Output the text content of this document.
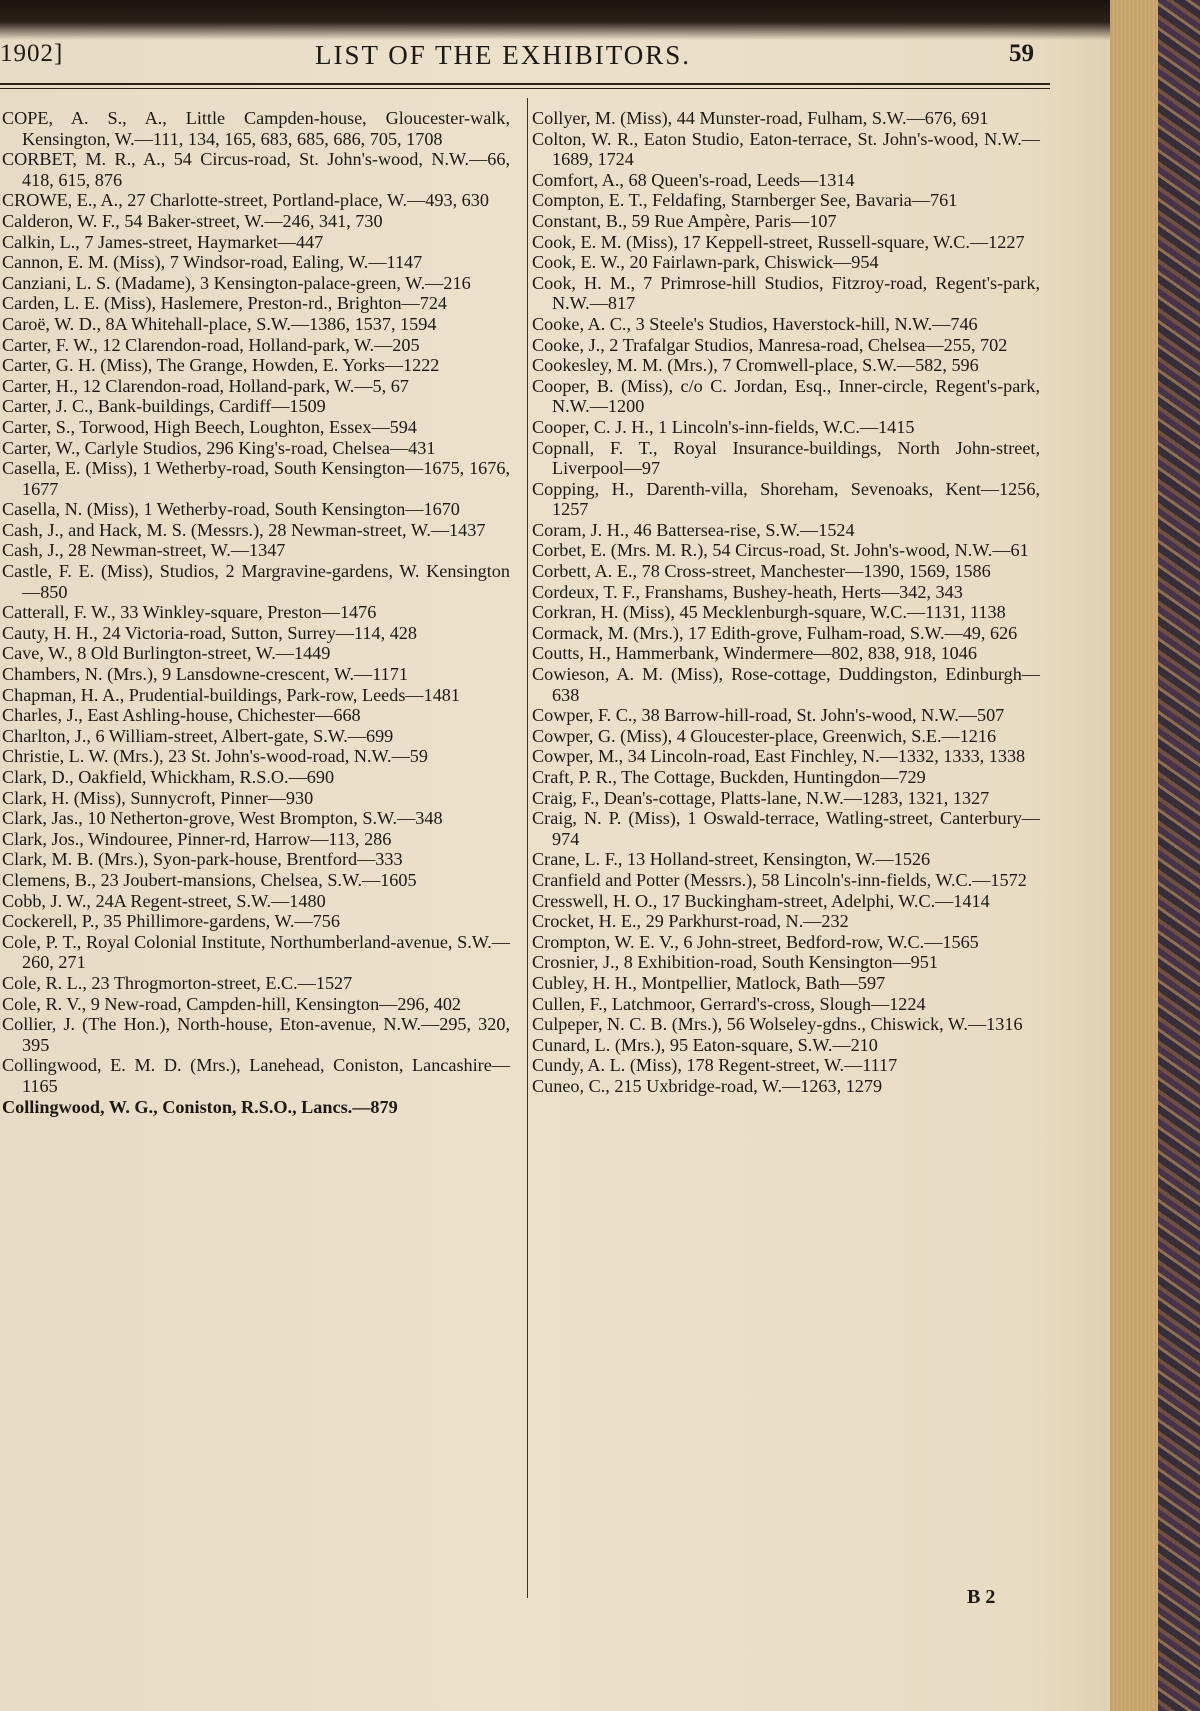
1902]	LIST OF THE EXHIBITORS.	59
COPE, A. S., A., Little Campden-house, Gloucester-walk, Kensington, W.—111, 134, 165, 683, 685, 686, 705, 1708
CORBET, M. R., A., 54 Circus-road, St. John's-wood, N.W.—66, 418, 615, 876
CROWE, E., A., 27 Charlotte-street, Portland-place, W.—493, 630
Calderon, W. F., 54 Baker-street, W.—246, 341, 730
Calkin, L., 7 James-street, Haymarket—447
Cannon, E. M. (Miss), 7 Windsor-road, Ealing, W.—1147
Canziani, L. S. (Madame), 3 Kensington-palace-green, W.—216
Carden, L. E. (Miss), Haslemere, Preston-rd., Brighton—724
Caroë, W. D., 8A Whitehall-place, S.W.—1386, 1537, 1594
Carter, F. W., 12 Clarendon-road, Holland-park, W.—205
Carter, G. H. (Miss), The Grange, Howden, E. Yorks—1222
Carter, H., 12 Clarendon-road, Holland-park, W.—5, 67
Carter, J. C., Bank-buildings, Cardiff—1509
Carter, S., Torwood, High Beech, Loughton, Essex—594
Carter, W., Carlyle Studios, 296 King's-road, Chelsea—431
Casella, E. (Miss), 1 Wetherby-road, South Kensington—1675, 1676, 1677
Casella, N. (Miss), 1 Wetherby-road, South Kensington—1670
Cash, J., and Hack, M. S. (Messrs.), 28 Newman-street, W.—1437
Cash, J., 28 Newman-street, W.—1347
Castle, F. E. (Miss), Studios, 2 Margravine-gardens, W. Kensington—850
Catterall, F. W., 33 Winkley-square, Preston—1476
Cauty, H. H., 24 Victoria-road, Sutton, Surrey—114, 428
Cave, W., 8 Old Burlington-street, W.—1449
Chambers, N. (Mrs.), 9 Lansdowne-crescent, W.—1171
Chapman, H. A., Prudential-buildings, Park-row, Leeds—1481
Charles, J., East Ashling-house, Chichester—668
Charlton, J., 6 William-street, Albert-gate, S.W.—699
Christie, L. W. (Mrs.), 23 St. John's-wood-road, N.W.—59
Clark, D., Oakfield, Whickham, R.S.O.—690
Clark, H. (Miss), Sunnycroft, Pinner—930
Clark, Jas., 10 Netherton-grove, West Brompton, S.W.—348
Clark, Jos., Windouree, Pinner-rd, Harrow—113, 286
Clark, M. B. (Mrs.), Syon-park-house, Brentford—333
Clemens, B., 23 Joubert-mansions, Chelsea, S.W.—1605
Cobb, J. W., 24A Regent-street, S.W.—1480
Cockerell, P., 35 Phillimore-gardens, W.—756
Cole, P. T., Royal Colonial Institute, Northumberland-avenue, S.W.—260, 271
Cole, R. L., 23 Throgmorton-street, E.C.—1527
Cole, R. V., 9 New-road, Campden-hill, Kensington—296, 402
Collier, J. (The Hon.), North-house, Eton-avenue, N.W.—295, 320, 395
Collingwood, E. M. D. (Mrs.), Lanehead, Coniston, Lancashire—1165
Collingwood, W. G., Coniston, R.S.O., Lancs.—879
Collyer, M. (Miss), 44 Munster-road, Fulham, S.W.—676, 691
Colton, W. R., Eaton Studio, Eaton-terrace, St. John's-wood, N.W.—1689, 1724
Comfort, A., 68 Queen's-road, Leeds—1314
Compton, E. T., Feldafing, Starnberger See, Bavaria—761
Constant, B., 59 Rue Ampère, Paris—107
Cook, E. M. (Miss), 17 Keppell-street, Russell-square, W.C.—1227
Cook, E. W., 20 Fairlawn-park, Chiswick—954
Cook, H. M., 7 Primrose-hill Studios, Fitzroy-road, Regent's-park, N.W.—817
Cooke, A. C., 3 Steele's Studios, Haverstock-hill, N.W.—746
Cooke, J., 2 Trafalgar Studios, Manresa-road, Chelsea—255, 702
Cookesley, M. M. (Mrs.), 7 Cromwell-place, S.W.—582, 596
Cooper, B. (Miss), c/o C. Jordan, Esq., Inner-circle, Regent's-park, N.W.—1200
Cooper, C. J. H., 1 Lincoln's-inn-fields, W.C.—1415
Copnall, F. T., Royal Insurance-buildings, North John-street, Liverpool—97
Copping, H., Darenth-villa, Shoreham, Sevenoaks, Kent—1256, 1257
Coram, J. H., 46 Battersea-rise, S.W.—1524
Corbet, E. (Mrs. M. R.), 54 Circus-road, St. John's-wood, N.W.—61
Corbett, A. E., 78 Cross-street, Manchester—1390, 1569, 1586
Cordeux, T. F., Franshams, Bushey-heath, Herts—342, 343
Corkran, H. (Miss), 45 Mecklenburgh-square, W.C.—1131, 1138
Cormack, M. (Mrs.), 17 Edith-grove, Fulham-road, S.W.—49, 626
Coutts, H., Hammerbank, Windermere—802, 838, 918, 1046
Cowieson, A. M. (Miss), Rose-cottage, Duddingston, Edinburgh—638
Cowper, F. C., 38 Barrow-hill-road, St. John's-wood, N.W.—507
Cowper, G. (Miss), 4 Gloucester-place, Greenwich, S.E.—1216
Cowper, M., 34 Lincoln-road, East Finchley, N.—1332, 1333, 1338
Craft, P. R., The Cottage, Buckden, Huntingdon—729
Craig, F., Dean's-cottage, Platts-lane, N.W.—1283, 1321, 1327
Craig, N. P. (Miss), 1 Oswald-terrace, Watling-street, Canterbury—974
Crane, L. F., 13 Holland-street, Kensington, W.—1526
Cranfield and Potter (Messrs.), 58 Lincoln's-inn-fields, W.C.—1572
Cresswell, H. O., 17 Buckingham-street, Adelphi, W.C.—1414
Crocket, H. E., 29 Parkhurst-road, N.—232
Crompton, W. E. V., 6 John-street, Bedford-row, W.C.—1565
Crosnier, J., 8 Exhibition-road, South Kensington—951
Cubley, H. H., Montpellier, Matlock, Bath—597
Cullen, F., Latchmoor, Gerrard's-cross, Slough—1224
Culpeper, N. C. B. (Mrs.), 56 Wolseley-gdns., Chiswick, W.—1316
Cunard, L. (Mrs.), 95 Eaton-square, S.W.—210
Cundy, A. L. (Miss), 178 Regent-street, W.—1117
Cuneo, C., 215 Uxbridge-road, W.—1263, 1279
B 2
